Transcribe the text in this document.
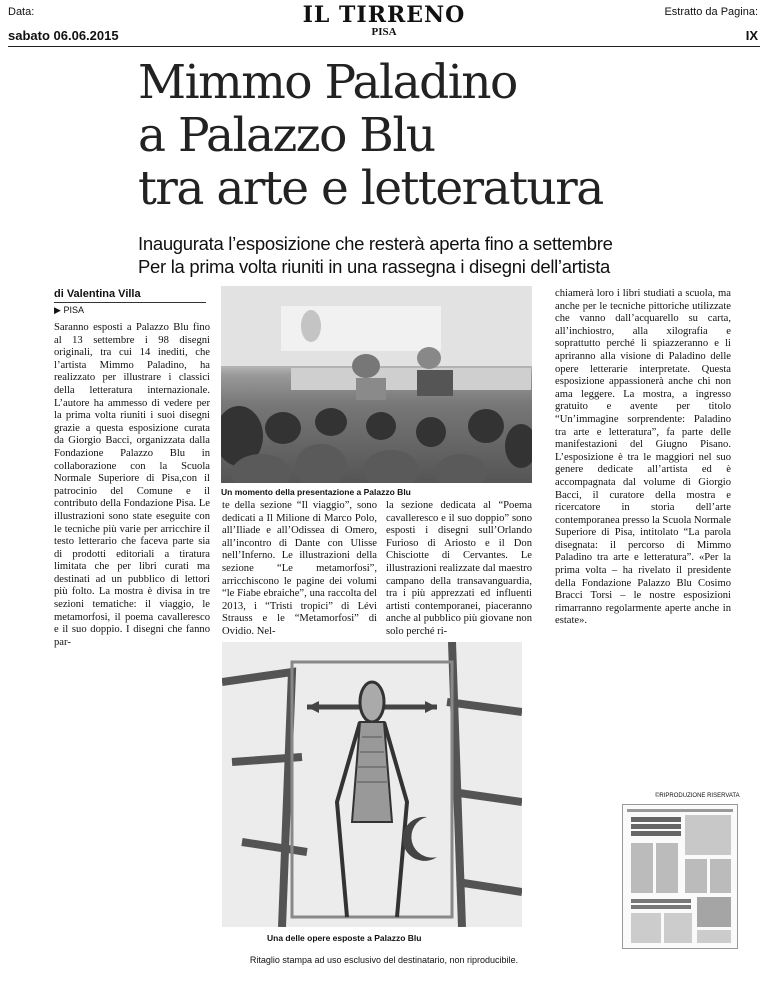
Data:
sabato 06.06.2015
Estratto da Pagina:
IX
IL TIRRENO
PISA
Mimmo Paladino
a Palazzo Blu
tra arte e letteratura
Inaugurata l’esposizione che resterà aperta fino a settembre
Per la prima volta riuniti in una rassegna i disegni dell’artista
di Valentina Villa
▶ PISA
Saranno esposti a Palazzo Blu fino al 13 settembre i 98 disegni originali, tra cui 14 inediti, che l’artista Mimmo Paladino, ha realizzato per illustrare i classici della letteratura internazionale. L’autore ha ammesso di vedere per la prima volta riuniti i suoi disegni grazie a questa esposizione curata da Giorgio Bacci, organizzata dalla Fondazione Palazzo Blu in collaborazione con la Scuola Normale Superiore di Pisa,con il patrocinio del Comune e il contributo della Fondazione Pisa. Le illustrazioni sono state eseguite con le tecniche più varie per arricchire il testo letterario che faceva parte sia di prodotti editoriali a tiratura limitata che per libri curati ma destinati ad un pubblico di lettori più folto. La mostra è divisa in tre sezioni tematiche: il viaggio, le metamorfosi, il poema cavalleresco e il suo doppio. I disegni che fanno par-
Un momento della presentazione a Palazzo Blu
te della sezione “Il viaggio”, sono dedicati a Il Milione di Marco Polo, all’Iliade e all’Odissea di Omero, all’incontro di Dante con Ulisse nell’Inferno. Le illustrazioni della sezione “Le metamorfosi”, arricchiscono le pagine dei volumi “le Fiabe ebraiche”, una raccolta del 2013, i “Tristi tropici” di Lévi Strauss e le “Metamorfosi” di Ovidio. Nel-
la sezione dedicata al “Poema cavalleresco e il suo doppio” sono esposti i disegni sull’Orlando Furioso di Ariosto e il Don Chisciotte di Cervantes. Le illustrazioni realizzate dal maestro campano della transavanguardia, tra i più apprezzati ed influenti artisti contemporanei, piaceranno anche al pubblico più giovane non solo perché ri-
chiamerà loro i libri studiati a scuola, ma anche per le tecniche pittoriche utilizzate che vanno dall’acquarello su carta, all’inchiostro, alla xilografia e soprattutto perché li spiazzeranno e li apriranno alla visione di Paladino delle opere letterarie interpretate. Questa esposizione appassionerà anche chi non ama leggere. La mostra, a ingresso gratuito e avente per titolo “Un’immagine sorprendente: Paladino tra arte e letteratura”, fa parte delle manifestazioni del Giugno Pisano. L’esposizione è tra le maggiori nel suo genere dedicate all’artista ed è accompagnata dal volume di Giorgio Bacci, il curatore della mostra e ricercatore in storia dell’arte contemporanea presso la Scuola Normale Superiore di Pisa, intitolato “La parola disegnata: il percorso di Mimmo Paladino tra arte e letteratura”. «Per la prima volta – ha rivelato il presidente della Fondazione Palazzo Blu Cosimo Bracci Torsi – le nostre esposizioni rimarranno regolarmente aperte anche in estate».
©RIPRODUZIONE RISERVATA
Una delle opere esposte a Palazzo Blu
Ritaglio stampa ad uso esclusivo del destinatario, non riproducibile.
